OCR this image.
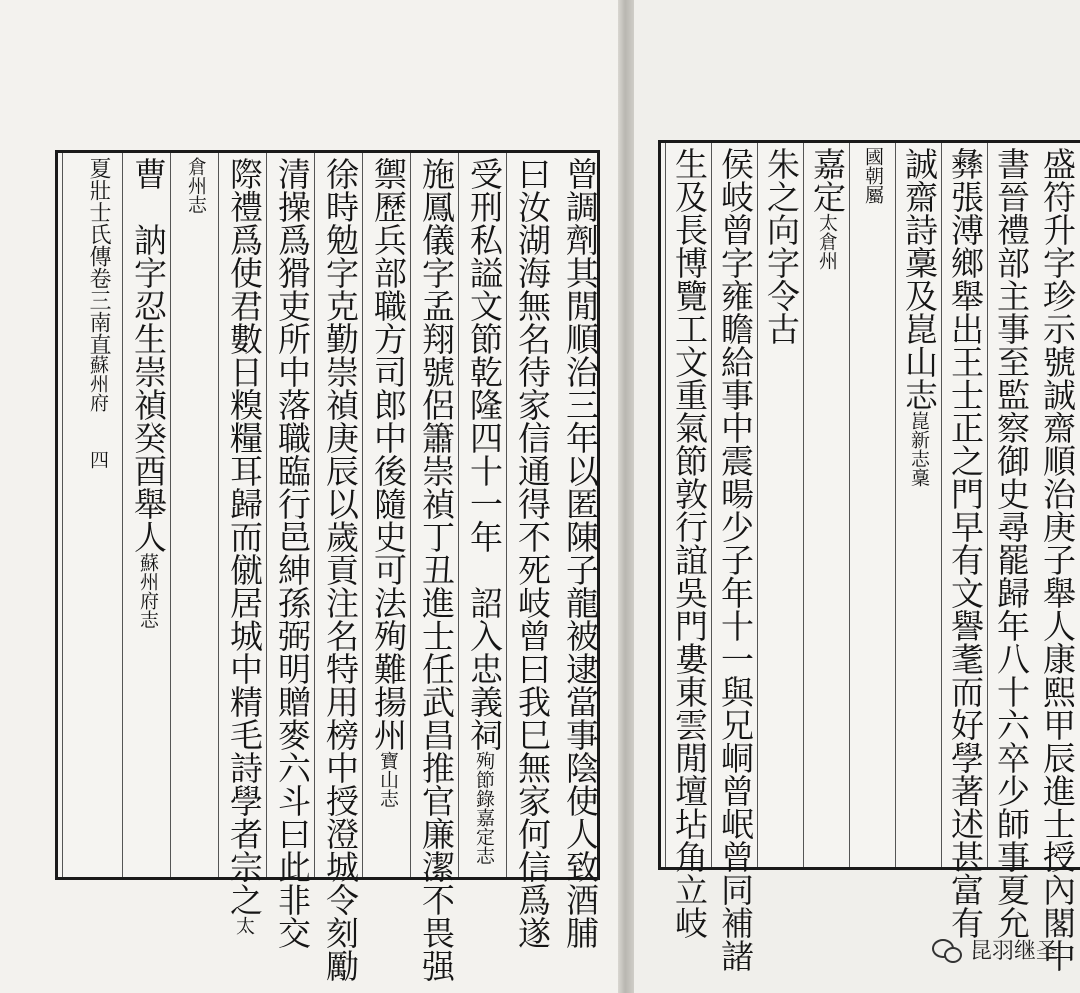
曾調劑其閒順治三年以匿陳子龍被逮當事陰使人致酒脯
曰汝湖海無名待家信通得不死岐曾曰我巳無家何信爲遂
受刑私謚文節乾隆四十一年　詔入忠義祠殉節錄嘉定志
施鳳儀字孟翔號侶簫崇禎丁丑進士任武昌推官廉潔不畏强
禦歷兵部職方司郎中後隨史可法殉難揚州寶山志
徐時勉字克勤崇禎庚辰以歲貢注名特用榜中授澄城令刻勵
清操爲猾吏所中落職臨行邑紳孫弼明贈麥六斗曰此非交
際禮爲使君數日糗糧耳歸而僦居城中精毛詩學者宗之太
倉州志
曹　訥字忍生崇禎癸酉舉人蘇州府志
夏壯士氏傳卷三南直蘇州府　　四	盛符升字珍示號誠齋順治庚子舉人康熙甲辰進士授內閣中
書晉禮部主事至監察御史尋罷歸年八十六卒少師事夏允
彝張溥鄉舉出王士正之門早有文譽耄而好學著述甚富有
誠齋詩稾及崑山志崑新志稾
國朝屬
嘉定太倉州
朱之向字令古
侯岐曾字雍瞻給事中震暘少子年十一與兄峒曾岷曾同補諸
生及長博覽工文重氣節敦行誼吳門婁東雲閒壇坫角立岐
昆羽继圣
